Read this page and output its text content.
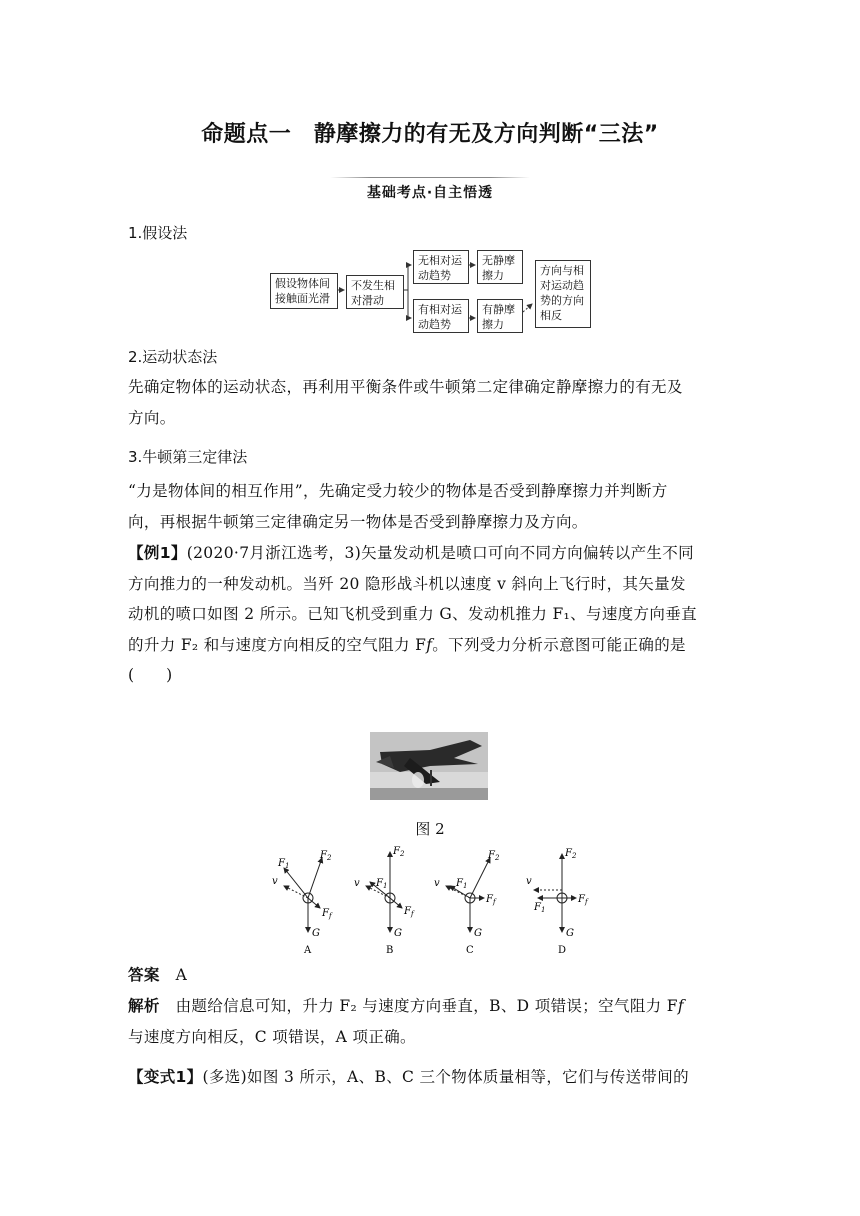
命题点一　静摩擦力的有无及方向判断“三法”
基础考点·自主悟透
1.假设法
假设物体间接触面光滑
不发生相对滑动
无相对运动趋势
无静摩擦力
有相对运动趋势
有静摩擦力
方向与相对运动趋势的方向相反
2.运动状态法
先确定物体的运动状态，再利用平衡条件或牛顿第二定律确定静摩擦力的有无及
方向。
3.牛顿第三定律法
“力是物体间的相互作用”，先确定受力较少的物体是否受到静摩擦力并判断方
向，再根据牛顿第三定律确定另一物体是否受到静摩擦力及方向。
【例1】(2020·7月浙江选考，3)矢量发动机是喷口可向不同方向偏转以产生不同
方向推力的一种发动机。当歼 20 隐形战斗机以速度 v 斜向上飞行时，其矢量发
动机的喷口如图 2 所示。已知飞机受到重力 G、发动机推力 F₁、与速度方向垂直
的升力 F₂ 和与速度方向相反的空气阻力 F𝑓。下列受力分析示意图可能正确的是
(　　)
图 2
$F_1$
$F_2$
v
$F_f$
G
A
$F_2$
$F_1$
v
$F_f$
G
B
$F_2$
$F_1$
v
$F_f$
G
C
$F_2$
$F_1$
v
$F_f$
G
D
答案　 A
解析　 由题给信息可知，升力 F₂ 与速度方向垂直，B、D 项错误；空气阻力 F𝑓
与速度方向相反，C 项错误，A 项正确。
【变式1】(多选)如图 3 所示，A、B、C 三个物体质量相等，它们与传送带间的
